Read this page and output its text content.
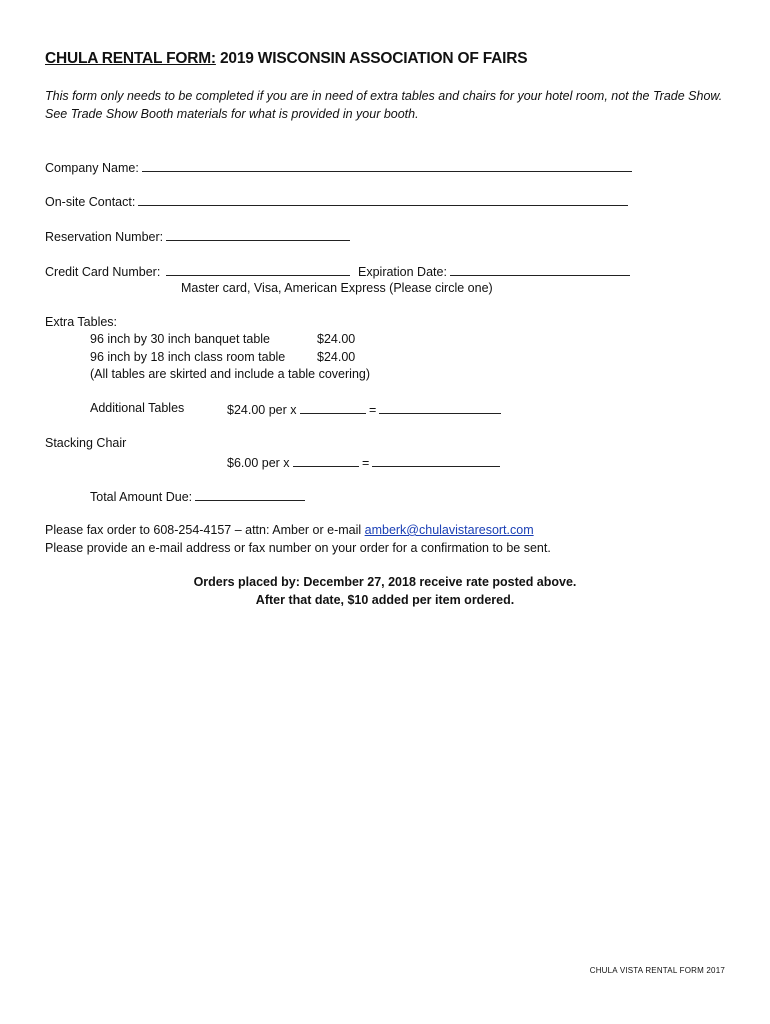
CHULA RENTAL FORM: 2019 WISCONSIN ASSOCIATION OF FAIRS
This form only needs to be completed if you are in need of extra tables and chairs for your hotel room, not the Trade Show. See Trade Show Booth materials for what is provided in your booth.
Company Name:
On-site Contact:
Reservation Number:
Credit Card Number:	Expiration Date:
Master card, Visa, American Express (Please circle one)
Extra Tables:
96 inch by 30 inch banquet table	$24.00
96 inch by 18 inch class room table	$24.00
(All tables are skirted and include a table covering)
Additional Tables	$24.00 per x	=
Stacking Chair
$6.00 per x	=
Total Amount Due:
Please fax order to 608-254-4157 – attn: Amber or e-mail amberk@chulavistaresort.com
Please provide an e-mail address or fax number on your order for a confirmation to be sent.
Orders placed by: December 27, 2018 receive rate posted above.
After that date, $10 added per item ordered.
CHULA VISTA RENTAL FORM 2017
